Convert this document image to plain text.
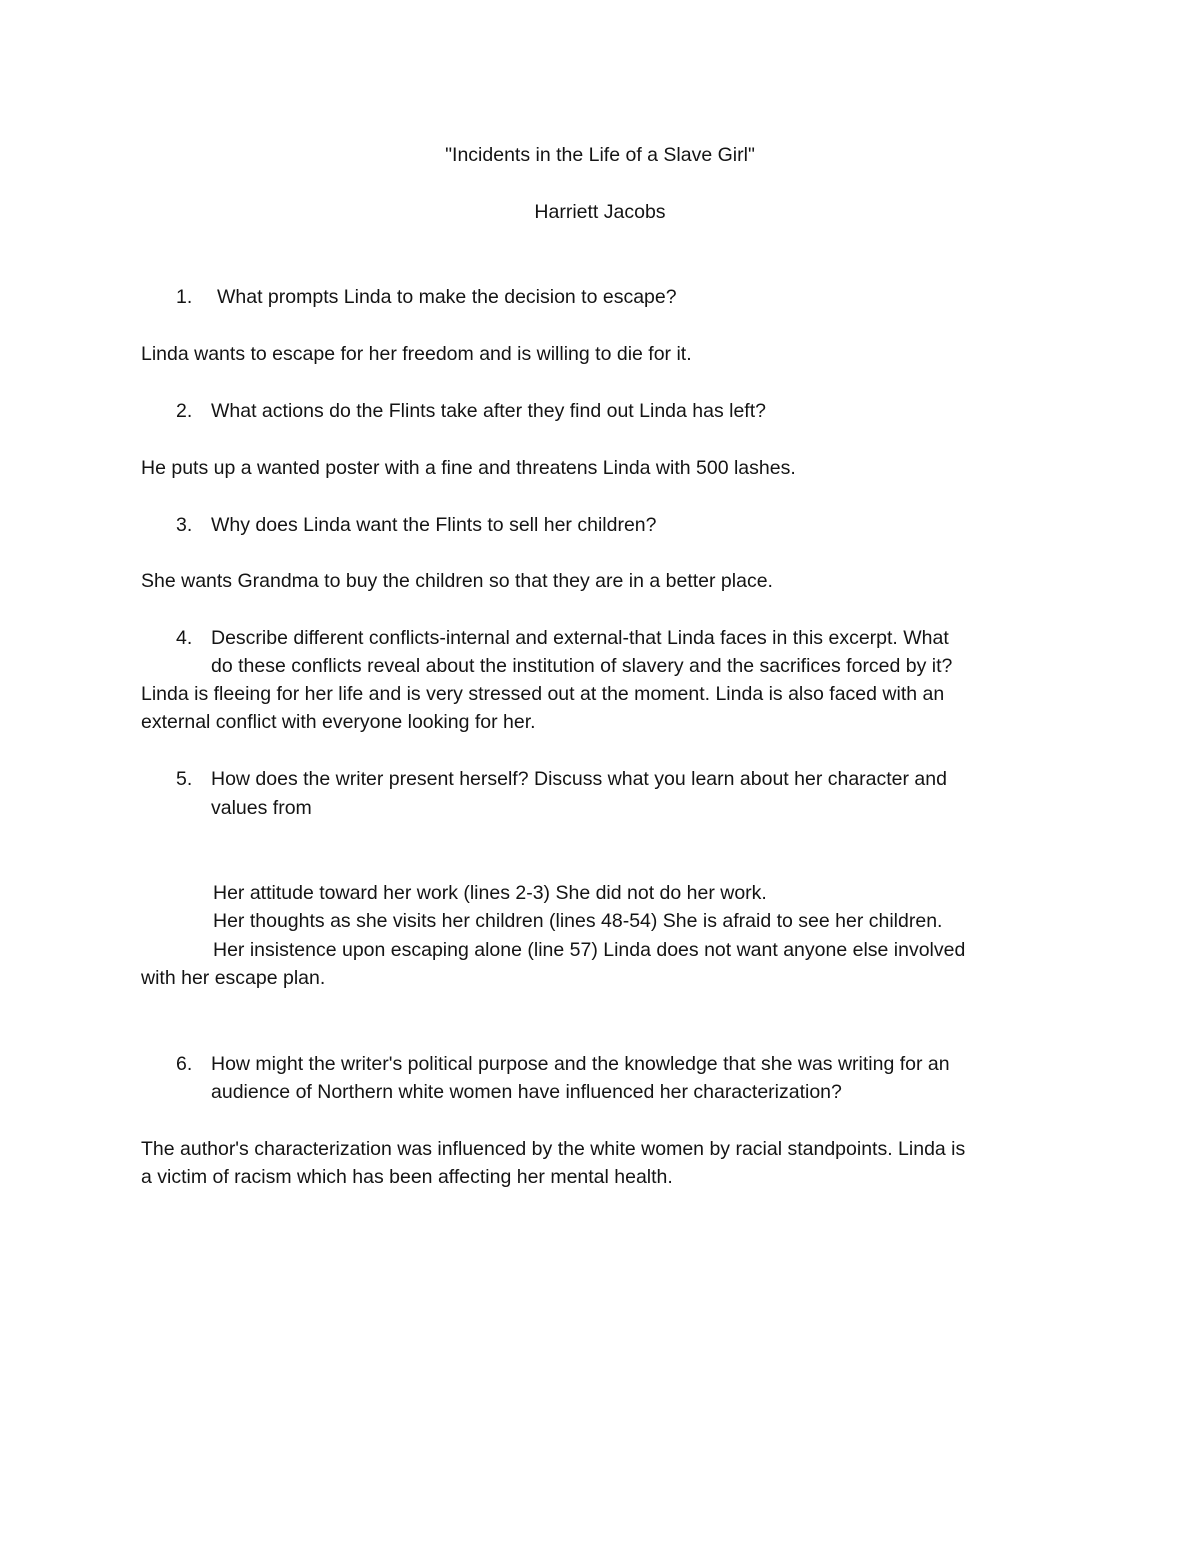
"Incidents in the Life of a Slave Girl"
Harriett Jacobs
1. What prompts Linda to make the decision to escape?
Linda wants to escape for her freedom and is willing to die for it.
2. What actions do the Flints take after they find out Linda has left?
He puts up a wanted poster with a fine and threatens Linda with 500 lashes.
3. Why does Linda want the Flints to sell her children?
She wants Grandma to buy the children so that they are in a better place.
4. Describe different conflicts-internal and external-that Linda faces in this excerpt. What
do these conflicts reveal about the institution of slavery and the sacrifices forced by it?
Linda is fleeing for her life and is very stressed out at the moment. Linda is also faced with an
external conflict with everyone looking for her.
5. How does the writer present herself? Discuss what you learn about her character and
values from
Her attitude toward her work (lines 2-3) She did not do her work.
Her thoughts as she visits her children (lines 48-54) She is afraid to see her children.
Her insistence upon escaping alone (line 57) Linda does not want anyone else involved
with her escape plan.
6. How might the writer's political purpose and the knowledge that she was writing for an
audience of Northern white women have influenced her characterization?
The author's characterization was influenced by the white women by racial standpoints. Linda is
a victim of racism which has been affecting her mental health.
